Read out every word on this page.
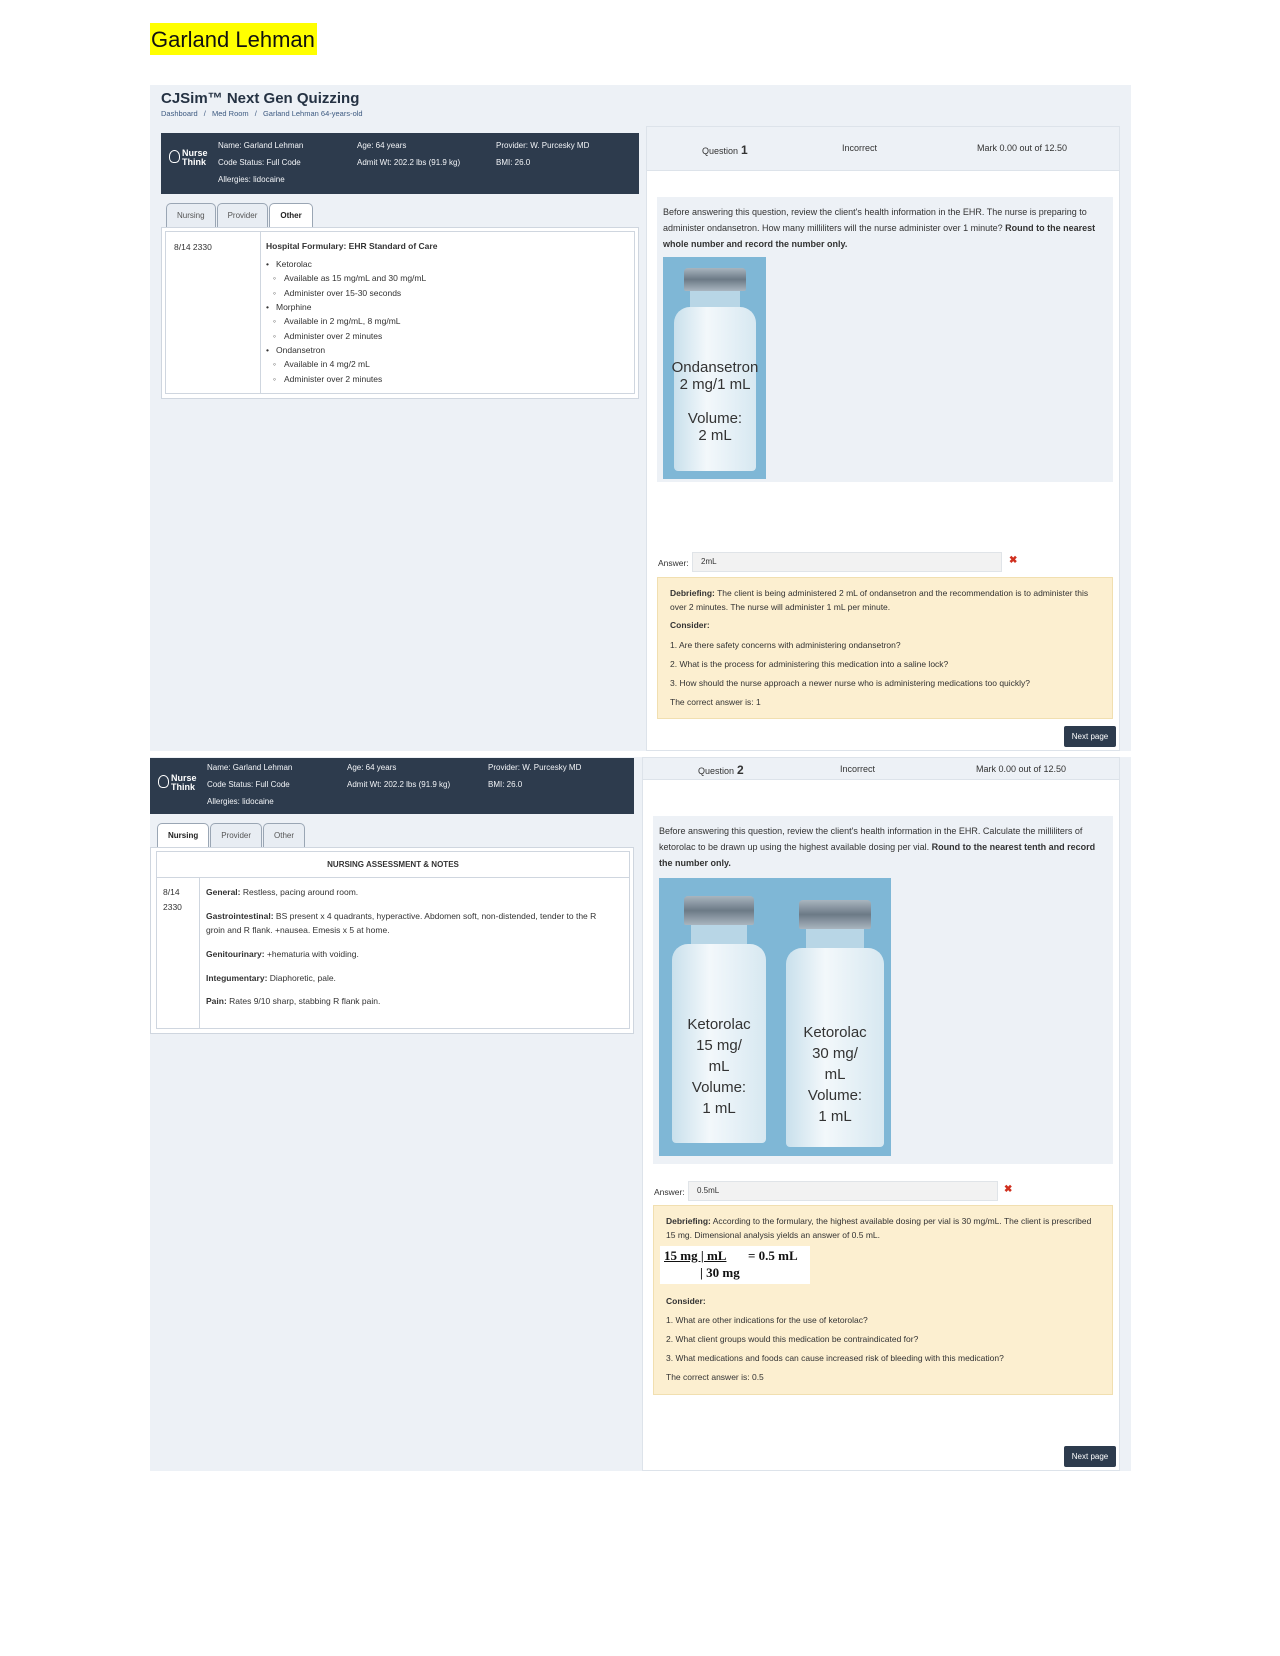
Garland Lehman
CJSim™ Next Gen Quizzing
Dashboard / Med Room / Garland Lehman 64-years-old
Nurse
Think
Name: Garland Lehman
Code Status: Full Code
Allergies: lidocaine
Age: 64 years
Admit Wt: 202.2 lbs (91.9 kg)
Provider: W. Purcesky MD
BMI: 26.0
Nursing	Provider	Other
8/14 2330	Hospital Formulary: EHR Standard of Care
• Ketorolac
◦ Available as 15 mg/mL and 30 mg/mL
◦ Administer over 15-30 seconds
• Morphine
◦ Available in 2 mg/mL, 8 mg/mL
◦ Administer over 2 minutes
• Ondansetron
◦ Available in 4 mg/2 mL
◦ Administer over 2 minutes
Question 1	Incorrect	Mark 0.00 out of 12.50
Before answering this question, review the client's health information in the EHR. The nurse is preparing to administer ondansetron. How many milliliters will the nurse administer over 1 minute? Round to the nearest whole number and record the number only.
Ondansetron
2 mg/1 mL
Volume:
2 mL
Answer:	2mL	✖

Debriefing: The client is being administered 2 mL of ondansetron and the recommendation is to administer this over 2 minutes. The nurse will administer 1 mL per minute.

Consider:

1. Are there safety concerns with administering ondansetron?

2. What is the process for administering this medication into a saline lock?

3. How should the nurse approach a newer nurse who is administering medications too quickly?

The correct answer is: 1

Next page
Nurse
Think
Name: Garland Lehman
Code Status: Full Code
Allergies: lidocaine
Age: 64 years
Admit Wt: 202.2 lbs (91.9 kg)
Provider: W. Purcesky MD
BMI: 26.0
Nursing	Provider	Other
NURSING ASSESSMENT & NOTES
8/14 2330
General: Restless, pacing around room.
Gastrointestinal: BS present x 4 quadrants, hyperactive. Abdomen soft, non-distended, tender to the R groin and R flank. +nausea. Emesis x 5 at home.
Genitourinary: +hematuria with voiding.
Integumentary: Diaphoretic, pale.
Pain: Rates 9/10 sharp, stabbing R flank pain.
Question 2	Incorrect	Mark 0.00 out of 12.50
Before answering this question, review the client's health information in the EHR. Calculate the milliliters of ketorolac to be drawn up using the highest available dosing per vial. Round to the nearest tenth and record the number only.
Ketorolac
15 mg/
mL
Volume:
1 mL
Ketorolac
30 mg/
mL
Volume:
1 mL
Answer:	0.5mL	✖

Debriefing: According to the formulary, the highest available dosing per vial is 30 mg/mL. The client is prescribed 15 mg. Dimensional analysis yields an answer of 0.5 mL.

15 mg | mL = 0.5 mL
| 30 mg

Consider:

1. What are other indications for the use of ketorolac?

2. What client groups would this medication be contraindicated for?

3. What medications and foods can cause increased risk of bleeding with this medication?

The correct answer is: 0.5

Next page
